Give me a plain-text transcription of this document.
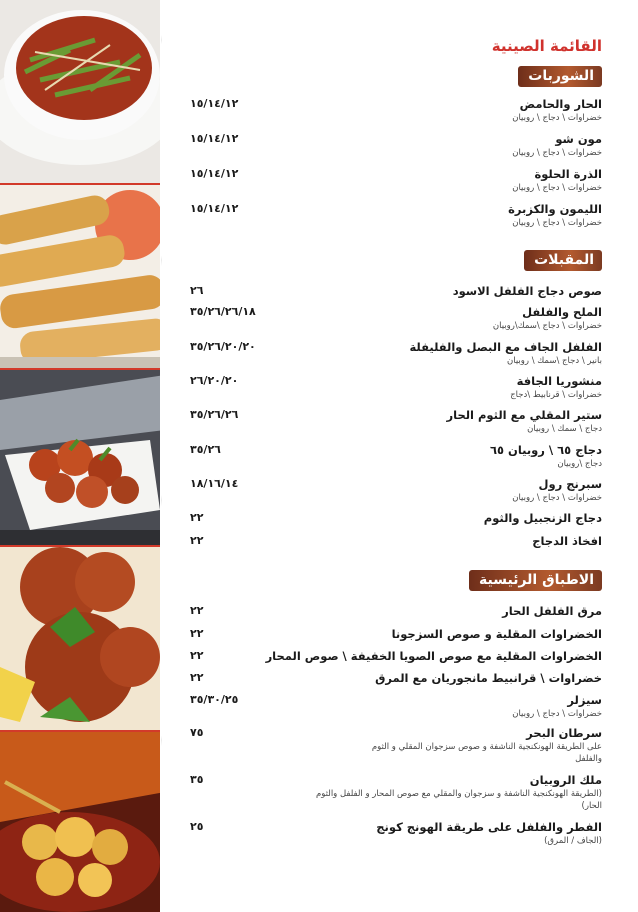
القائمة الصينية
الشوربات
الحار والحامض
١٥/١٤/١٢
خضراوات \ دجاج \ روبيان
مون شو
١٥/١٤/١٢
خضراوات \ دجاج \ روبيان
الذرة الحلوة
١٥/١٤/١٢
خضراوات \ دجاج \ روبيان
الليمون والكزبرة
١٥/١٤/١٢
خضراوات \ دجاج \ روبيان
المقبلات
صوص دجاج الفلفل الاسود
٢٦
الملح والفلفل
٣٥/٢٦/٢٦/١٨
خضراوات \ دجاج \سمك\روبيان
الفلفل الجاف مع البصل والفليفلة
٣٥/٢٦/٢٠/٢٠
بانير \ دجاج \سمك \ روبيان
منشوريا الجافة
٢٦/٢٠/٢٠
خضراوات \ قرنابيط \دجاج
ستير المقلي مع الثوم الحار
٣٥/٢٦/٢٦
دجاج \ سمك \ روبيان
دجاج ٦٥ \ روبيان ٦٥
٣٥/٢٦
دجاج \روبيان
سبرنج رول
١٨/١٦/١٤
خضراوات \ دجاج \ روبيان
دجاج الزنجبيل والثوم
٢٢
افخاذ الدجاج
٢٢
الاطباق الرئيسية
مرق الفلفل الحار
٢٢
الخضراوات المقلية و صوص السزجونا
٢٢
الخضراوات المقلية مع صوص الصويا الخفيفة \ صوص المحار
٢٢
خضراوات \ قرانبيط مانجوريان مع المرق
٢٢
سيزلر
٣٥/٣٠/٢٥
خضراوات \ دجاج \ روبيان
سرطان البحر
٧٥
على الطريقة الهونكنجية الناشفة و صوص سزجوان المقلي و الثوم والفلفل
ملك الروبيان
٣٥
(الطريقة الهونكنجية الناشفة و سزجوان والمقلي مع صوص المحار و الفلفل والثوم الحار)
الفطر والفلفل على طريقة الهونج كونج
٢٥
(الجاف / المرق)
